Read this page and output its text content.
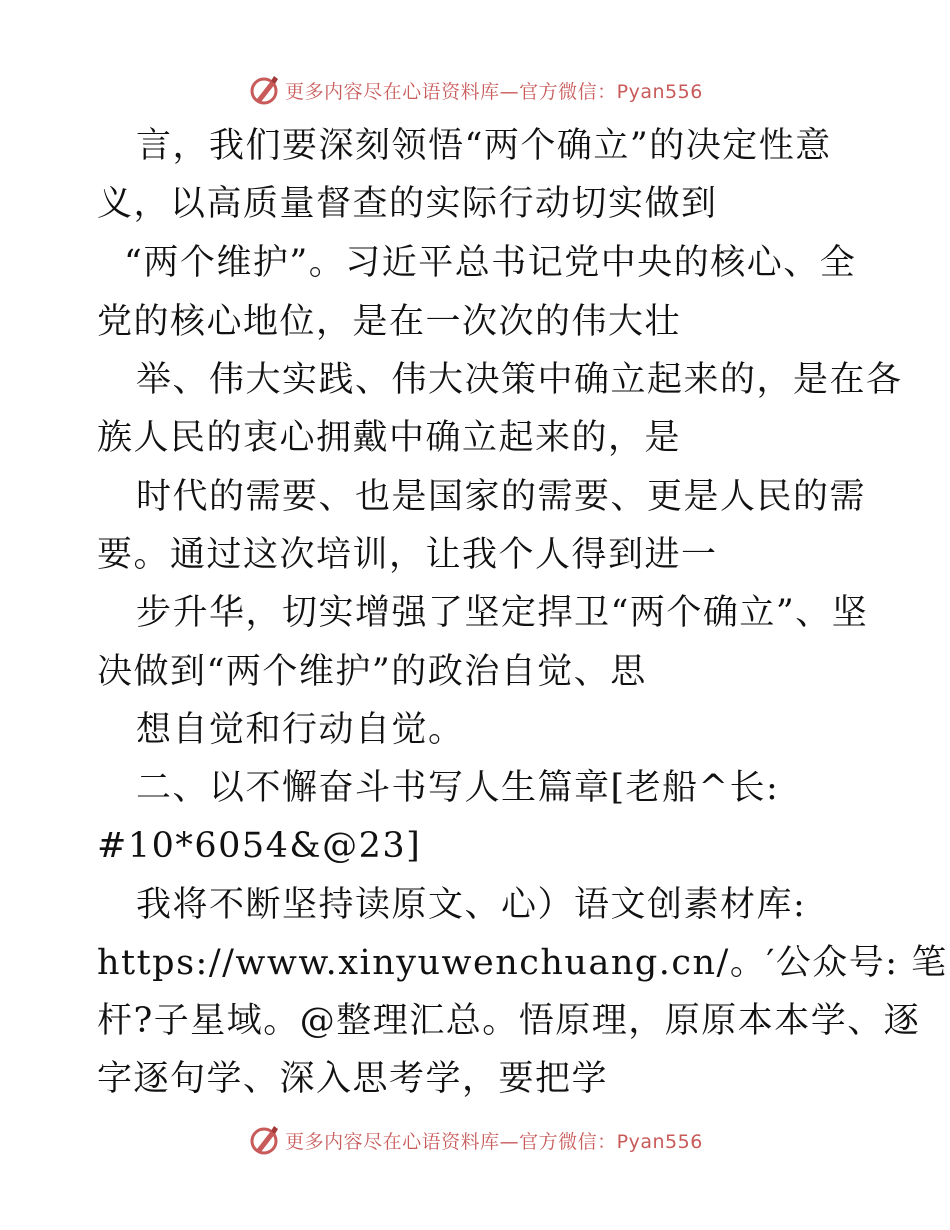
更多内容尽在心语资料库—官方微信：Pyan556
言，我们要深刻领悟“两个确立”的决定性意
义，以高质量督查的实际行动切实做到
“两个维护”。习近平总书记党中央的核心、全
党的核心地位，是在一次次的伟大壮
举、伟大实践、伟大决策中确立起来的，是在各
族人民的衷心拥戴中确立起来的，是
时代的需要、也是国家的需要、更是人民的需
要。通过这次培训，让我个人得到进一
步升华，切实增强了坚定捍卫“两个确立”、坚
决做到“两个维护”的政治自觉、思
想自觉和行动自觉。
二、以不懈奋斗书写人生篇章[老船^长:
#10*6054&@23]
我将不断坚持读原文、心）语文创素材库:
https://www.xinyuwenchuang.cn/。′公众号: 笔
杆?子星域。@整理汇总。悟原理，原原本本学、逐
字逐句学、深入思考学，要把学
更多内容尽在心语资料库—官方微信：Pyan556
